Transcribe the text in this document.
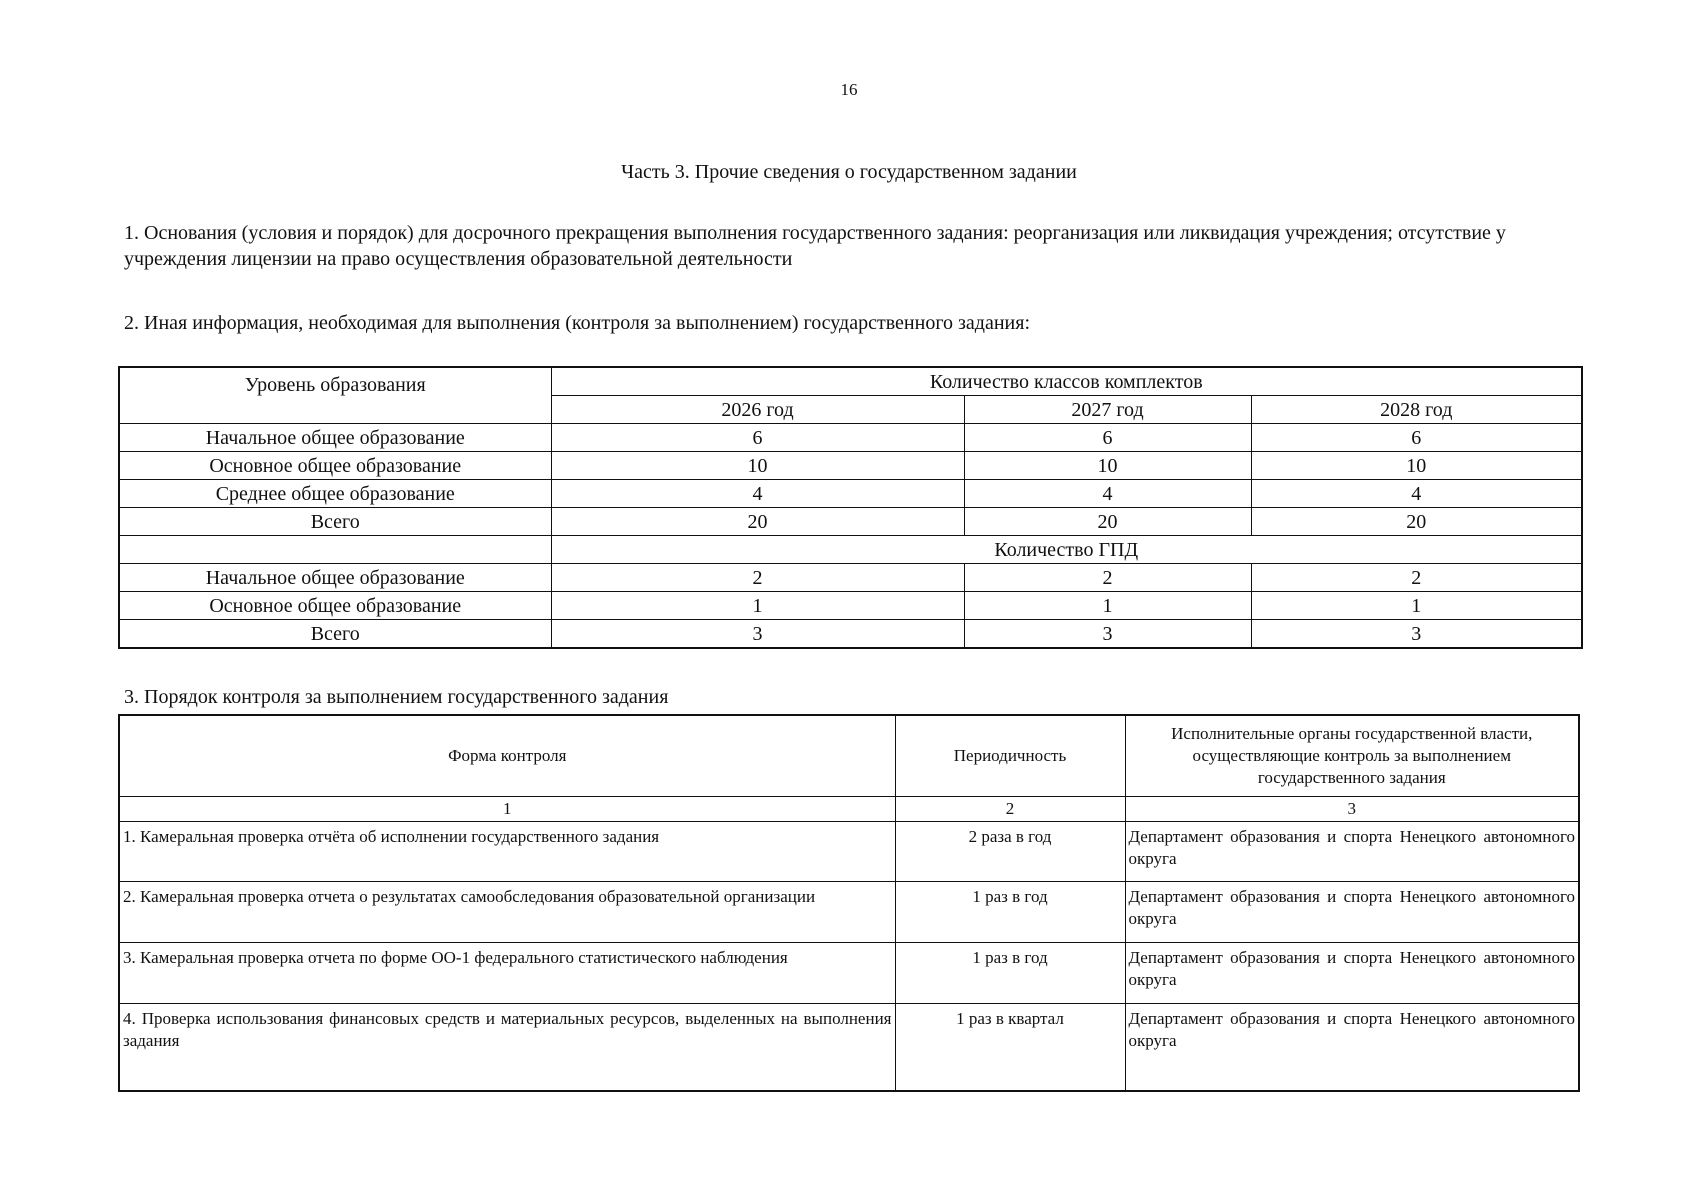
16
Часть 3. Прочие сведения о государственном задании
1. Основания (условия и порядок) для досрочного прекращения выполнения государственного задания: реорганизация или ликвидация учреждения; отсутствие у учреждения лицензии на право осуществления образовательной деятельности
2. Иная информация, необходимая для выполнения (контроля за выполнением) государственного задания:
Уровень образования	Количество классов комплектов		
	2026 год	2027 год	2028 год
Начальное общее образование	6	6	6
Основное общее образование	10	10	10
Среднее общее образование	4	4	4
Всего	20	20	20
	Количество ГПД		
Начальное общее образование	2	2	2
Основное общее образование	1	1	1
Всего	3	3	3
3. Порядок контроля за выполнением государственного задания
Форма контроля	Периодичность	Исполнительные органы государственной власти, осуществляющие контроль за выполнением государственного задания
1	2	3
1. Камеральная проверка отчёта об исполнении государственного задания	2 раза в год	Департамент образования и спорта Ненецкого автономного округа
2. Камеральная проверка отчета о результатах самообследования образовательной организации	1 раз в год	Департамент образования и спорта Ненецкого автономного округа
3. Камеральная проверка отчета по форме ОО-1 федерального статистического наблюдения	1 раз в год	Департамент образования и спорта Ненецкого автономного округа
4. Проверка использования финансовых средств и материальных ресурсов, выделенных на выполнения задания	1 раз в квартал	Департамент образования и спорта Ненецкого автономного округа
